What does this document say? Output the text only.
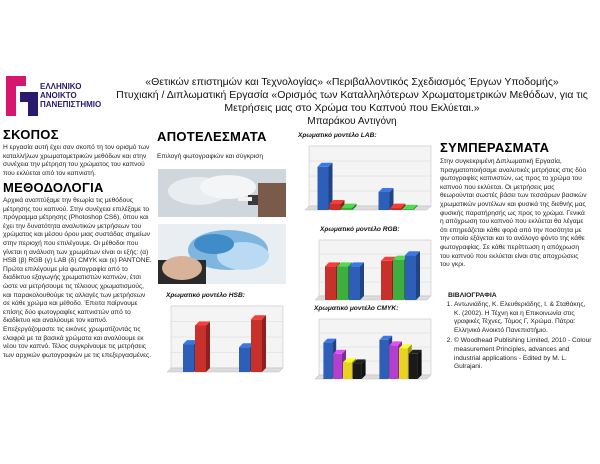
ΕΛΛΗΝΙΚΟ
ΑΝΟΙΚΤΟ
ΠΑΝΕΠΙΣΤΗΜΙΟ
«Θετικών επιστημών και Τεχνολογίας» «Περιβαλλοντικός Σχεδιασμός Έργων Υποδομής»
Πτυχιακή / Διπλωματική Εργασία «Ορισμός των Καταλληλότερων Χρωματομετρικών Μεθόδων, για τις
Μετρήσεις μας στο Χρώμα του Καπνού που Εκλύεται.»
Μπαράκου Αντιγόνη
ΣΚΟΠΟΣ
Η εργασία αυτή έχει σαν σκοπό τη τον ορισμό των καταλλήλων χρωματομετρικών μεθόδων και στην συνέχεια την μέτρηση του χρώματος του καπνού που εκλύεται από τον καπνιστή.
ΜΕΘΟΔΟΛΟΓΙΑ
Αρχικά αναπτύξαμε την θεωρία τις μεθόδους μέτρησης του καπνού. Στην συνέχεια επιλέξαμε το πρόγραμμα μέτρησης (Photoshop CS6), όπου και έχει την δυνατότητα αναλυτικών μετρήσεων του χρώματος και μέσου όρου μιας συστάδας σημείων στην περιοχή που επιλέγουμε. Οι μέθοδοι που γίνεται η ανάλυση των χρωμάτων είναι οι εξής: (α) HSB (β) RGB (γ) LAB (δ) CMYK και (ε) PANTONE. Πρώτα επιλέγουμε μία φωτογραφία από το διαδίκτυο εξαγωγής χρωματιστών καπνών, έτσι ώστε να μετρήσουμε τις τέλειους χρωματισμούς, και παρακολουθούμε τις αλλαγές των μετρήσεων σε κάθε χρώμα και μέθοδο. Έπειτα παίρνουμε επίσης δύο φωτογραφίες καπνιστών από το διαδίκτυο και αναλύουμε τον καπνό. Επεξεργάζομαστε τις εικόνες χρωματίζοντάς τις ελαφρά με τα βασικά χρώματα και αναλύουμε εκ νέου τον καπνό. Τέλος συγκρίνουμε τις μετρήσεις των αρχικών φωτογραφιών με τις επεξεργασμένες.
ΑΠΟΤΕΛΕΣΜΑΤΑ
Επιλογή φωτογραφιών και σύγκριση
Χρωματικό μοντέλο HSB:
Χρωματικό μοντέλο LAB:
Χρωματικό μοντέλο RGB:
Χρωματικό μοντέλο CMYK:
ΣΥΜΠΕΡΑΣΜΑΤΑ
Στην συγκεκριμένη Διπλωματική Εργασία, πραγματοποιήσαμε αναλυτικές μετρήσεις στις δύο φωτογραφίες καπνιστών, ως προς το χρώμα του καπνού που εκλύεται. Οι μετρήσεις μας θεωρούνται σωστές βάσει των τεσσάρων βασικών χρωματικών μοντέλων και φυσικά της διεθνής μας φυσικής παρατήρησής ως προς το χρώμα. Γενικά η απόχρωση του καπνού που εκλύεται θα λέγαμε ότι επηρεάζεται κάθε φορά από την ποσότητα με την οποία εξάγεται και το ανάλογο φόντο της κάθε φωτογραφίας. Σε κάθε περίπτωση η απόχρωση του καπνού που εκλύεται είναι στις αποχρώσεις του γκρι.
ΒΙΒΛΙΟΓΡΑΦΙΑ
1. Αντωνιάδης, Κ. Ελευθεριάδης, Ι. & Σταθάκης, Κ. (2002). Η Τέχνη και η Επικοινωνία στις γραφικές Τέχνες, Τόμος Γ, Χρώμα. Πάτρα: Ελληνικό Ανοικτό Πανεπιστήμιο.
2. © Woodhead Publishing Limited, 2010 - Colour measurement Principles, advances and industrial applications - Edited by M. L. Gulrajani.
